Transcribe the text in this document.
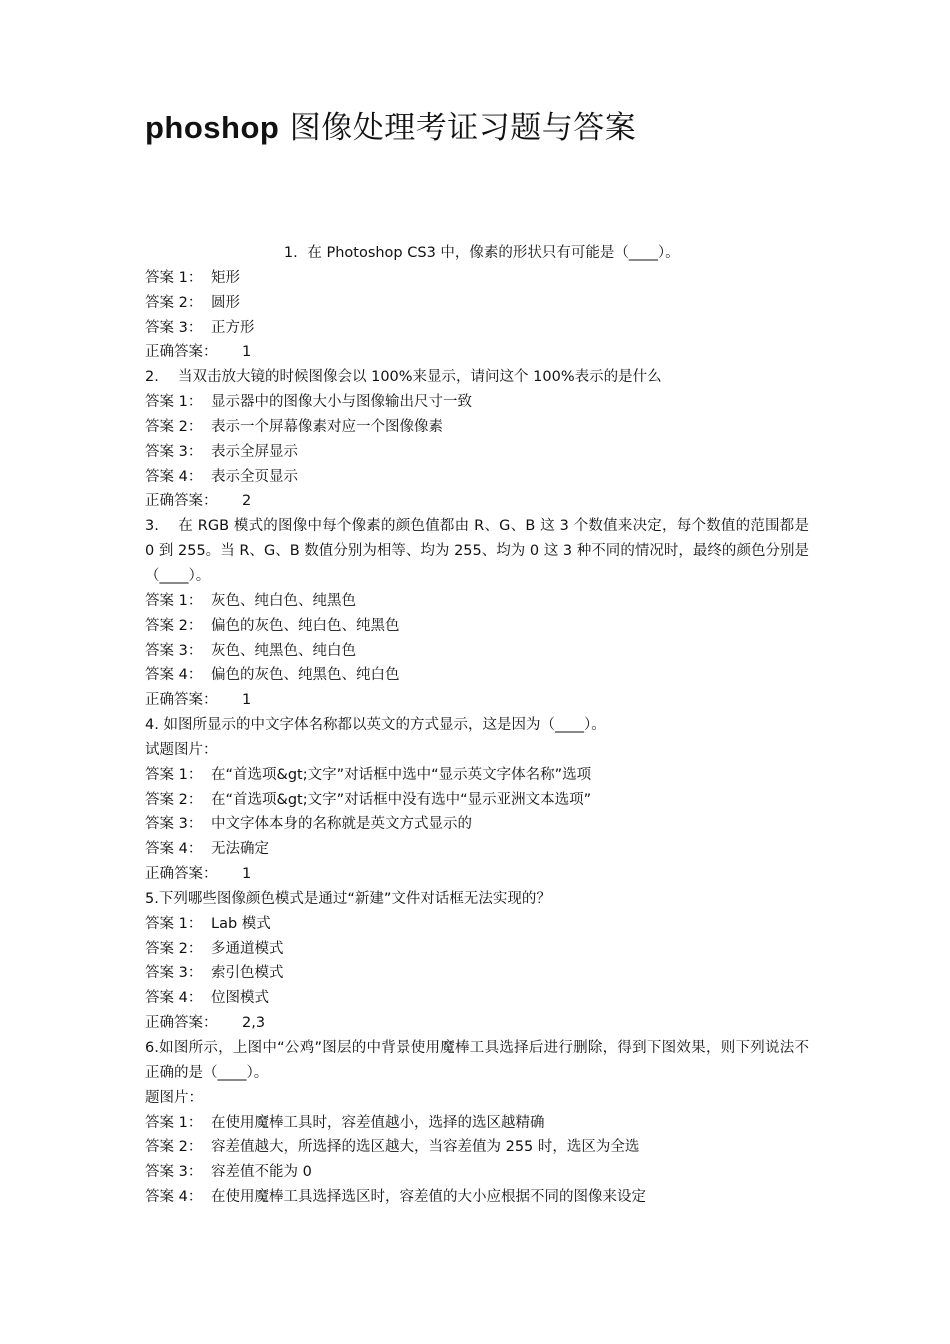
phoshop 图像处理考证习题与答案

1. 在 Photoshop CS3 中，像素的形状只有可能是（____）。

答案 1： 矩形

答案 2： 圆形

答案 3： 正方形

正确答案： 1

2. 当双击放大镜的时候图像会以 100%来显示，请问这个 100%表示的是什么

答案 1： 显示器中的图像大小与图像输出尺寸一致

答案 2： 表示一个屏幕像素对应一个图像像素

答案 3： 表示全屏显示

答案 4： 表示全页显示

正确答案： 2

3. 在 RGB 模式的图像中每个像素的颜色值都由 R、G、B 这 3 个数值来决定，每个数值的范围都是 0 到 255。当 R、G、B 数值分别为相等、均为 255、均为 0 这 3 种不同的情况时，最终的颜色分别是 （____）。

答案 1： 灰色、纯白色、纯黑色

答案 2： 偏色的灰色、纯白色、纯黑色

答案 3： 灰色、纯黑色、纯白色

答案 4： 偏色的灰色、纯黑色、纯白色

正确答案： 1

4. 如图所显示的中文字体名称都以英文的方式显示，这是因为（____）。

试题图片：

答案 1： 在“首选项&gt;文字”对话框中选中“显示英文字体名称”选项

答案 2： 在“首选项&gt;文字”对话框中没有选中“显示亚洲文本选项”

答案 3： 中文字体本身的名称就是英文方式显示的

答案 4： 无法确定

正确答案： 1

5.下列哪些图像颜色模式是通过“新建”文件对话框无法实现的？

答案 1： Lab 模式

答案 2： 多通道模式

答案 3： 索引色模式

答案 4： 位图模式

正确答案： 2,3

6.如图所示，上图中“公鸡”图层的中背景使用魔棒工具选择后进行删除，得到下图效果，则下列说法不正确的是（____）。

题图片：

答案 1： 在使用魔棒工具时，容差值越小，选择的选区越精确

答案 2： 容差值越大，所选择的选区越大，当容差值为 255 时，选区为全选

答案 3： 容差值不能为 0

答案 4： 在使用魔棒工具选择选区时，容差值的大小应根据不同的图像来设定
